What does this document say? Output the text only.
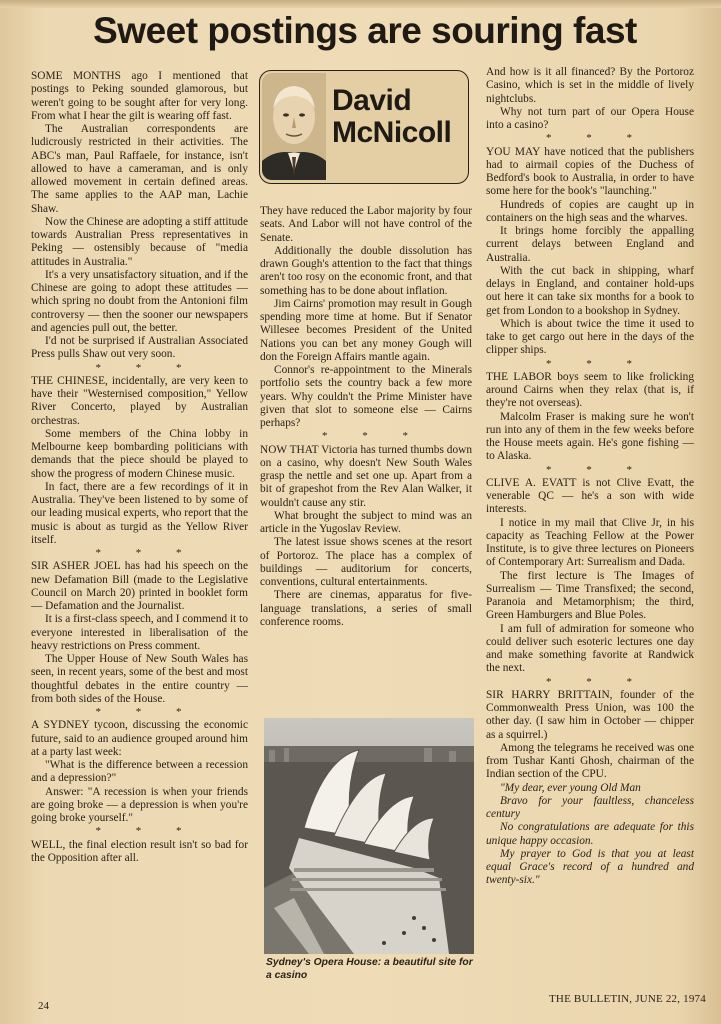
Sweet postings are souring fast

SOME MONTHS ago I mentioned that postings to Peking sounded glamorous, but weren't going to be sought after for very long. From what I hear the gilt is wearing off fast.

The Australian correspondents are ludicrously restricted in their activities. The ABC's man, Paul Raffaele, for instance, isn't allowed to have a cameraman, and is only allowed movement in certain defined areas. The same applies to the AAP man, Lachie Shaw.

Now the Chinese are adopting a stiff attitude towards Australian Press representatives in Peking — ostensibly because of "media attitudes in Australia."

It's a very unsatisfactory situation, and if the Chinese are going to adopt these attitudes — which spring no doubt from the Antonioni film controversy — then the sooner our newspapers and agencies pull out, the better.

I'd not be surprised if Australian Associated Press pulls Shaw out very soon.

* * *

THE CHINESE, incidentally, are very keen to have their "Westernised composition," Yellow River Concerto, played by Australian orchestras.

Some members of the China lobby in Melbourne keep bombarding politicians with demands that the piece should be played to show the progress of modern Chinese music.

In fact, there are a few recordings of it in Australia. They've been listened to by some of our leading musical experts, who report that the music is about as turgid as the Yellow River itself.

* * *

SIR ASHER JOEL has had his speech on the new Defamation Bill (made to the Legislative Council on March 20) printed in booklet form — Defamation and the Journalist.

It is a first-class speech, and I commend it to everyone interested in liberalisation of the heavy restrictions on Press comment.

The Upper House of New South Wales has seen, in recent years, some of the best and most thoughtful debates in the entire country — from both sides of the House.

* * *

A SYDNEY tycoon, discussing the economic future, said to an audience grouped around him at a party last week:

"What is the difference between a recession and a depression?"

Answer: "A recession is when your friends are going broke — a depression is when you're going broke yourself."

* * *

WELL, the final election result isn't so bad for the Opposition after all.

David
McNicoll

They have reduced the Labor majority by four seats. And Labor will not have control of the Senate.

Additionally the double dissolution has drawn Gough's attention to the fact that things aren't too rosy on the economic front, and that something has to be done about inflation.

Jim Cairns' promotion may result in Gough spending more time at home. But if Senator Willesee becomes President of the United Nations you can bet any money Gough will don the Foreign Affairs mantle again.

Connor's re-appointment to the Minerals portfolio sets the country back a few more years. Why couldn't the Prime Minister have given that slot to someone else — Cairns perhaps?

* * *

NOW THAT Victoria has turned thumbs down on a casino, why doesn't New South Wales grasp the nettle and set one up. Apart from a bit of grapeshot from the Rev Alan Walker, it wouldn't cause any stir.

What brought the subject to mind was an article in the Yugoslav Review.

The latest issue shows scenes at the resort of Portoroz. The place has a complex of buildings — auditorium for concerts, conventions, cultural entertainments.

There are cinemas, apparatus for five-language translations, a series of small conference rooms.

Sydney's Opera House: a beautiful site for a casino

And how is it all financed? By the Portoroz Casino, which is set in the middle of lively nightclubs.

Why not turn part of our Opera House into a casino?

* * *

YOU MAY have noticed that the publishers had to airmail copies of the Duchess of Bedford's book to Australia, in order to have some here for the book's "launching."

Hundreds of copies are caught up in containers on the high seas and the wharves.

It brings home forcibly the appalling current delays between England and Australia.

With the cut back in shipping, wharf delays in England, and container hold-ups out here it can take six months for a book to get from London to a bookshop in Sydney.

Which is about twice the time it used to take to get cargo out here in the days of the clipper ships.

* * *

THE LABOR boys seem to like frolicking around Cairns when they relax (that is, if they're not overseas).

Malcolm Fraser is making sure he won't run into any of them in the few weeks before the House meets again. He's gone fishing — to Alaska.

* * *

CLIVE A. EVATT is not Clive Evatt, the venerable QC — he's a son with wide interests.

I notice in my mail that Clive Jr, in his capacity as Teaching Fellow at the Power Institute, is to give three lectures on Pioneers of Contemporary Art: Surrealism and Dada.

The first lecture is The Images of Surrealism — Time Transfixed; the second, Paranoia and Metamorphism; the third, Green Hamburgers and Blue Poles.

I am full of admiration for someone who could deliver such esoteric lectures one day and make something favorite at Randwick the next.

* * *

SIR HARRY BRITTAIN, founder of the Commonwealth Press Union, was 100 the other day. (I saw him in October — chipper as a squirrel.)

Among the telegrams he received was one from Tushar Kanti Ghosh, chairman of the Indian section of the CPU.

"My dear, ever young Old Man

Bravo for your faultless, chanceless century

No congratulations are adequate for this unique happy occasion.

My prayer to God is that you at least equal Grace's record of a hundred and twenty-six."

24
THE BULLETIN, JUNE 22, 1974
